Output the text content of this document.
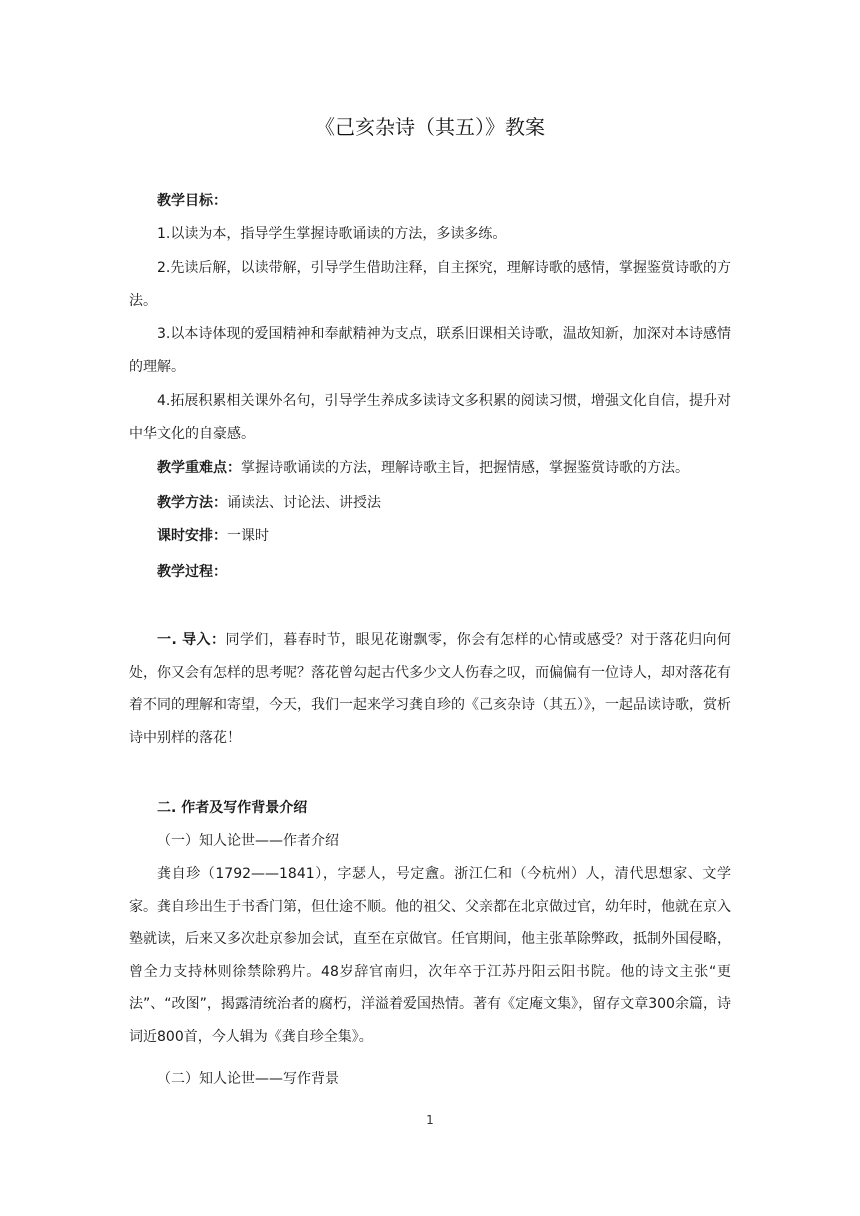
《己亥杂诗（其五）》教案
教学目标：
1.以读为本，指导学生掌握诗歌诵读的方法，多读多练。
2.先读后解，以读带解，引导学生借助注释，自主探究，理解诗歌的感情，掌握鉴赏诗歌的方法。
3.以本诗体现的爱国精神和奉献精神为支点，联系旧课相关诗歌，温故知新，加深对本诗感情的理解。
4.拓展积累相关课外名句，引导学生养成多读诗文多积累的阅读习惯，增强文化自信，提升对中华文化的自豪感。
教学重难点：掌握诗歌诵读的方法，理解诗歌主旨，把握情感，掌握鉴赏诗歌的方法。
教学方法：诵读法、讨论法、讲授法
课时安排：一课时
教学过程：
一. 导入：同学们，暮春时节，眼见花谢飘零，你会有怎样的心情或感受？对于落花归向何处，你又会有怎样的思考呢？落花曾勾起古代多少文人伤春之叹，而偏偏有一位诗人，却对落花有着不同的理解和寄望，今天，我们一起来学习龚自珍的《己亥杂诗（其五）》，一起品读诗歌，赏析诗中别样的落花！
二. 作者及写作背景介绍
（一）知人论世——作者介绍
龚自珍（1792——1841），字瑟人，号定盦。浙江仁和（今杭州）人，清代思想家、文学家。龚自珍出生于书香门第，但仕途不顺。他的祖父、父亲都在北京做过官，幼年时，他就在京入塾就读，后来又多次赴京参加会试，直至在京做官。任官期间，他主张革除弊政，抵制外国侵略，曾全力支持林则徐禁除鸦片。48岁辞官南归，次年卒于江苏丹阳云阳书院。他的诗文主张“更法”、“改图”，揭露清统治者的腐朽，洋溢着爱国热情。著有《定庵文集》，留存文章300余篇，诗词近800首，今人辑为《龚自珍全集》。
（二）知人论世——写作背景
1
